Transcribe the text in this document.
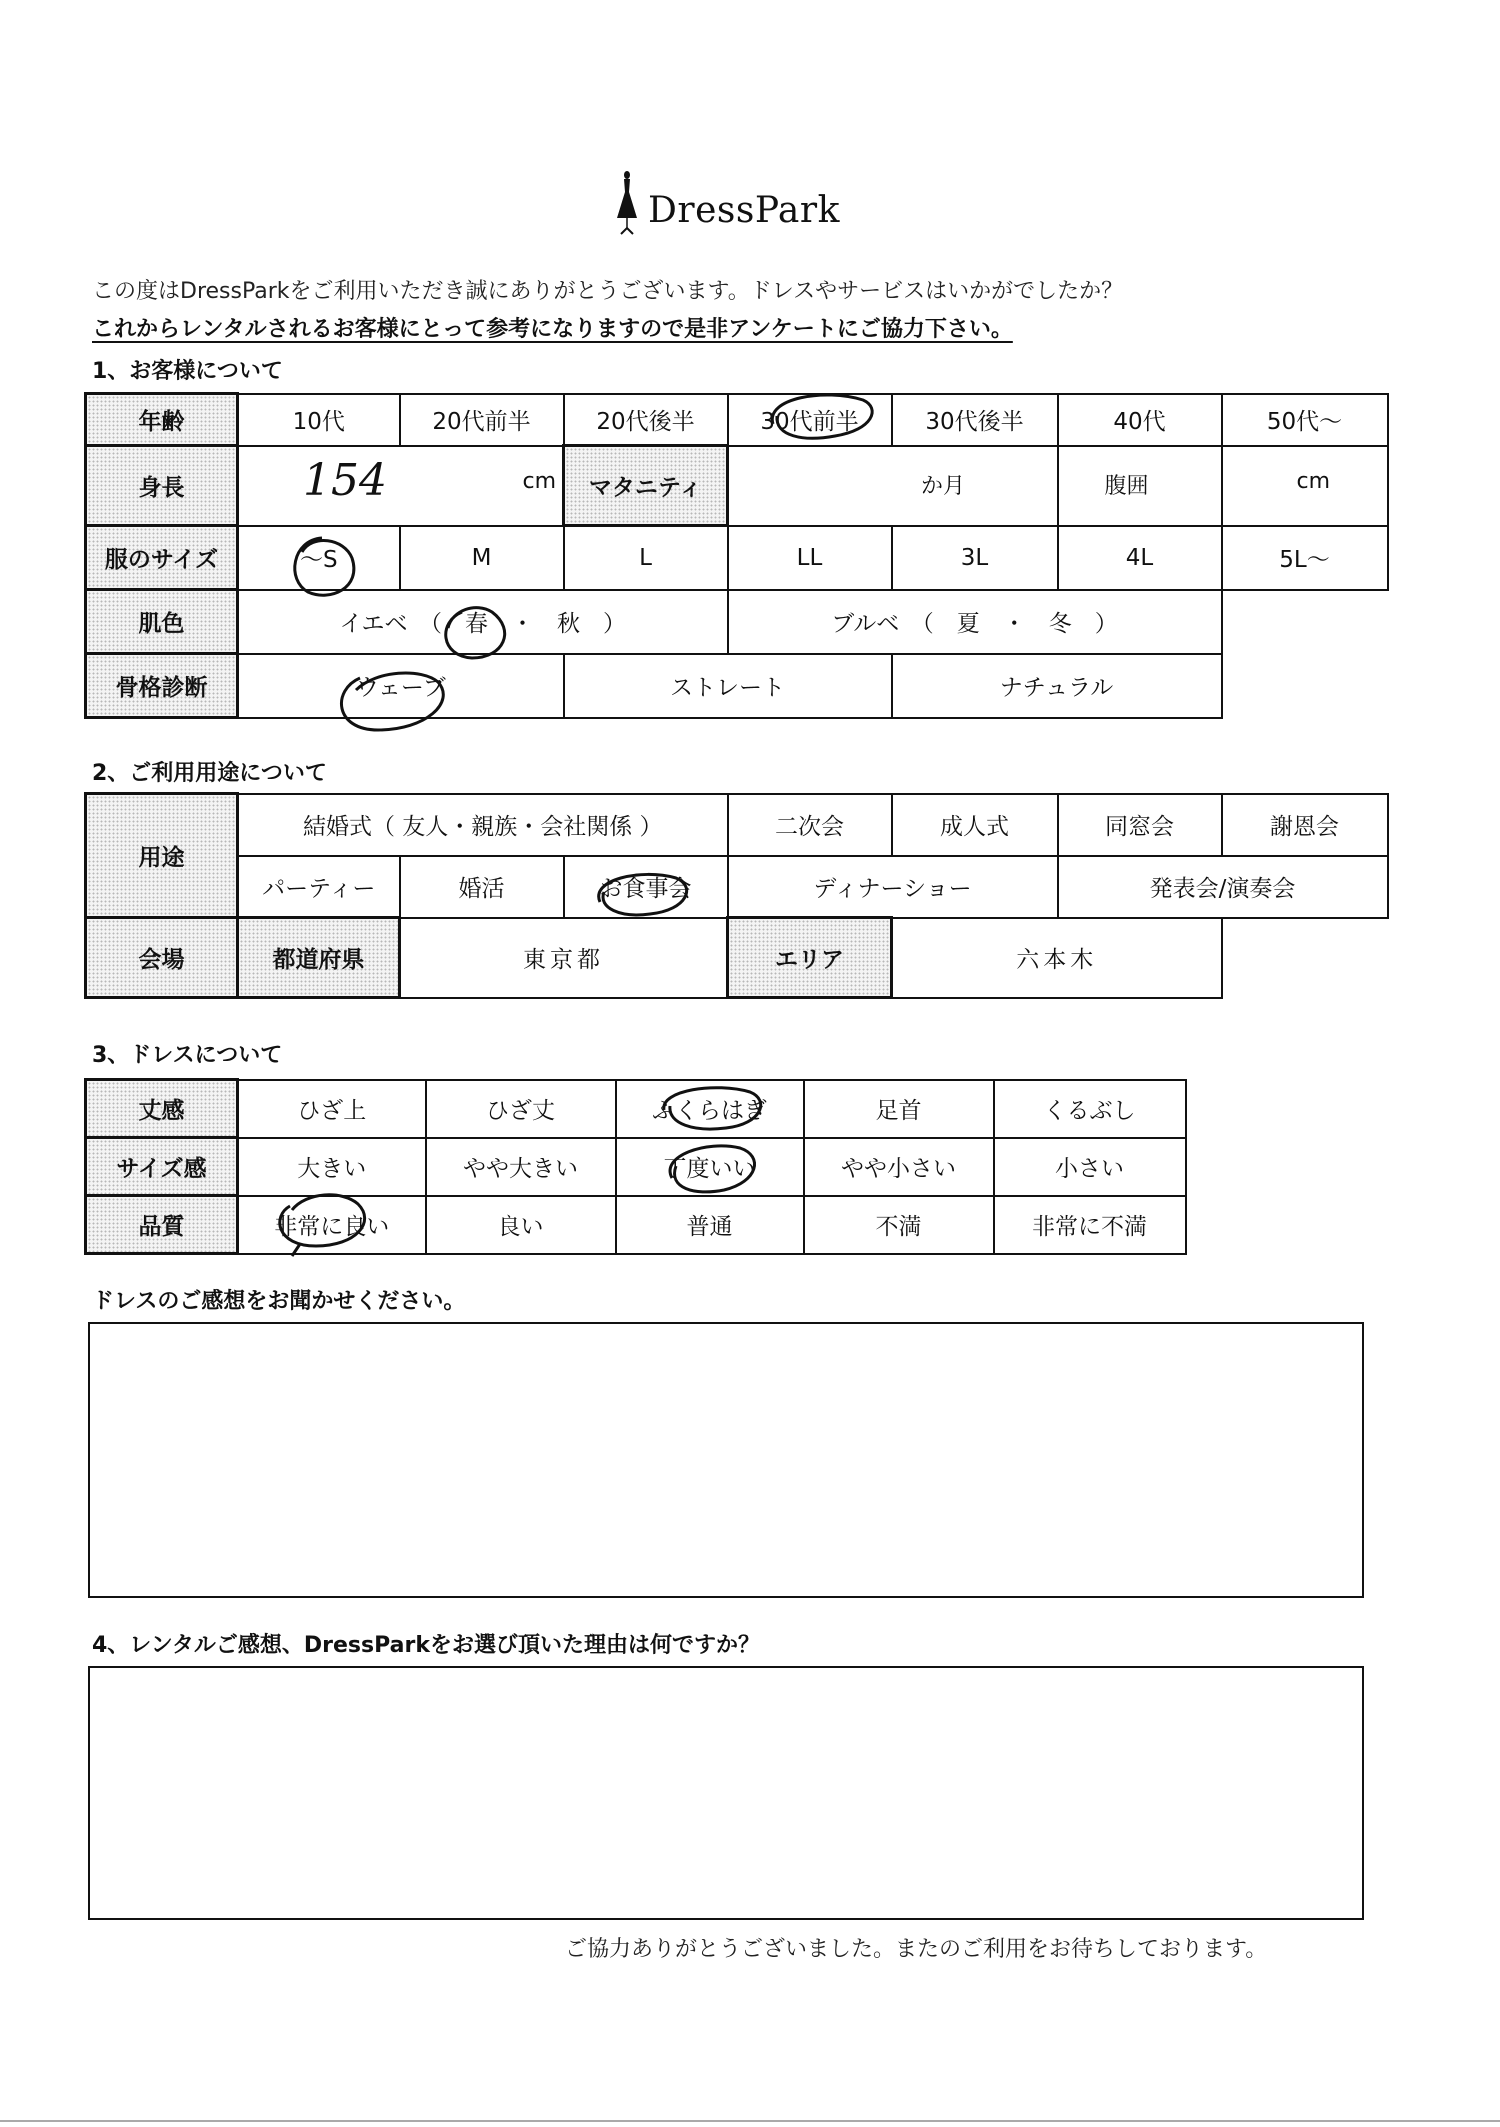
DressPark
この度はDressParkをご利用いただき誠にありがとうございます。ドレスやサービスはいかがでしたか？
これからレンタルされるお客様にとって参考になりますので是非アンケートにご協力下さい。
1、お客様について
年齢	10代	20代前半	20代後半	30代前半	30代後半	40代	50代～
身長	154 cm		マタニティ	か月		腹囲	cm

服のサイズ	～S	M	L	LL	3L	4L	5L～
肌色	イエベ　（　春　・　秋　）			ブルベ　（　夏　・　冬　）			
骨格診断	ウェーブ		ストレート		ナチュラル		
2、ご利用用途について
用途	結婚式（ 友人・親族・会社関係 ）			二次会	成人式	同窓会	謝恩会
	パーティー	婚活	お食事会	ディナーショー		発表会/演奏会	
会場	都道府県	東京都		エリア	六本木		
3、ドレスについて
丈感	ひざ上	ひざ丈	ふくらはぎ	足首	くるぶし
サイズ感	大きい	やや大きい	丁度いい	やや小さい	小さい
品質	非常に良い	良い	普通	不満	非常に不満
ドレスのご感想をお聞かせください。
4、レンタルご感想、DressParkをお選び頂いた理由は何ですか？
ご協力ありがとうございました。またのご利用をお待ちしております。
